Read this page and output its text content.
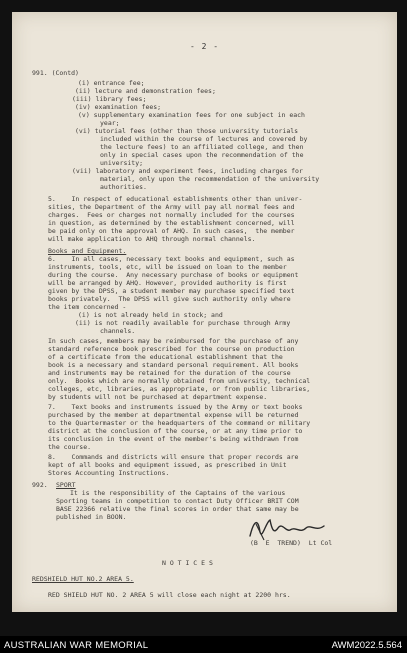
- 2 -
991. (Contd)
(i) entrance fee;
(ii) lecture and demonstration fees;
(iii) library fees;
(iv) examination fees;
(v) supplementary examination fees for one subject in each
year;
(vi) tutorial fees (other than those university tutorials
included within the course of lectures and covered by
the lecture fees) to an affiliated college, and then
only in special cases upon the recommendation of the
university;
(vii) laboratory and experiment fees, including charges for
material, only upon the recommendation of the university
authorities.
5.    In respect of educational establishments other than univer-
sities, the Department of the Army will pay all normal fees and
charges.  Fees or charges not normally included for the courses
in question, as determined by the establishment concerned, will
be paid only on the approval of AHQ. In such cases,  the member
will make application to AHQ through normal channels.
Books and Equipment.
6.    In all cases, necessary text books and equipment, such as
instruments, tools, etc, will be issued on loan to the member
during the course.  Any necessary purchase of books or equipment
will be arranged by AHQ. However, provided authority is first
given by the DPSS, a student member may purchase specified text
books privately.  The DPSS will give such authority only where
the item concerned -
(i) is not already held in stock; and
(ii) is not readily available for purchase through Army
channels.
In such cases, members may be reimbursed for the purchase of any
standard reference book prescribed for the course on production
of a certificate from the educational establishment that the
book is a necessary and standard personal requirement. All books
and instruments may be retained for the duration of the course
only.  Books which are normally obtained from university, technical
colleges, etc, libraries, as appropriate, or from public libraries,
by students will not be purchased at department expense.
7.    Text books and instruments issued by the Army or text books
purchased by the member at departmental expense will be returned
to the Quartermaster or the headquarters of the command or military
district at the conclusion of the course, or at any time prior to
its conclusion in the event of the member's being withdrawn from
the course.
8.    Commands and districts will ensure that proper records are
kept of all books and equipment issued, as prescribed in Unit
Stores Accounting Instructions.
992. SPORT
It is the responsibility of the Captains of the various
Sporting teams in competition to contact Duty Officer BRIT COM
BASE 22366 relative the final scores in order that same may be
published in BOON.
(B  E  TREND)  Lt Col
N O T I C E S
REDSHIELD HUT NO.2 AREA 5.
RED SHIELD HUT NO. 2 AREA 5 will close each night at 2200 hrs.
AUSTRALIAN WAR MEMORIAL	AWM2022.5.564
